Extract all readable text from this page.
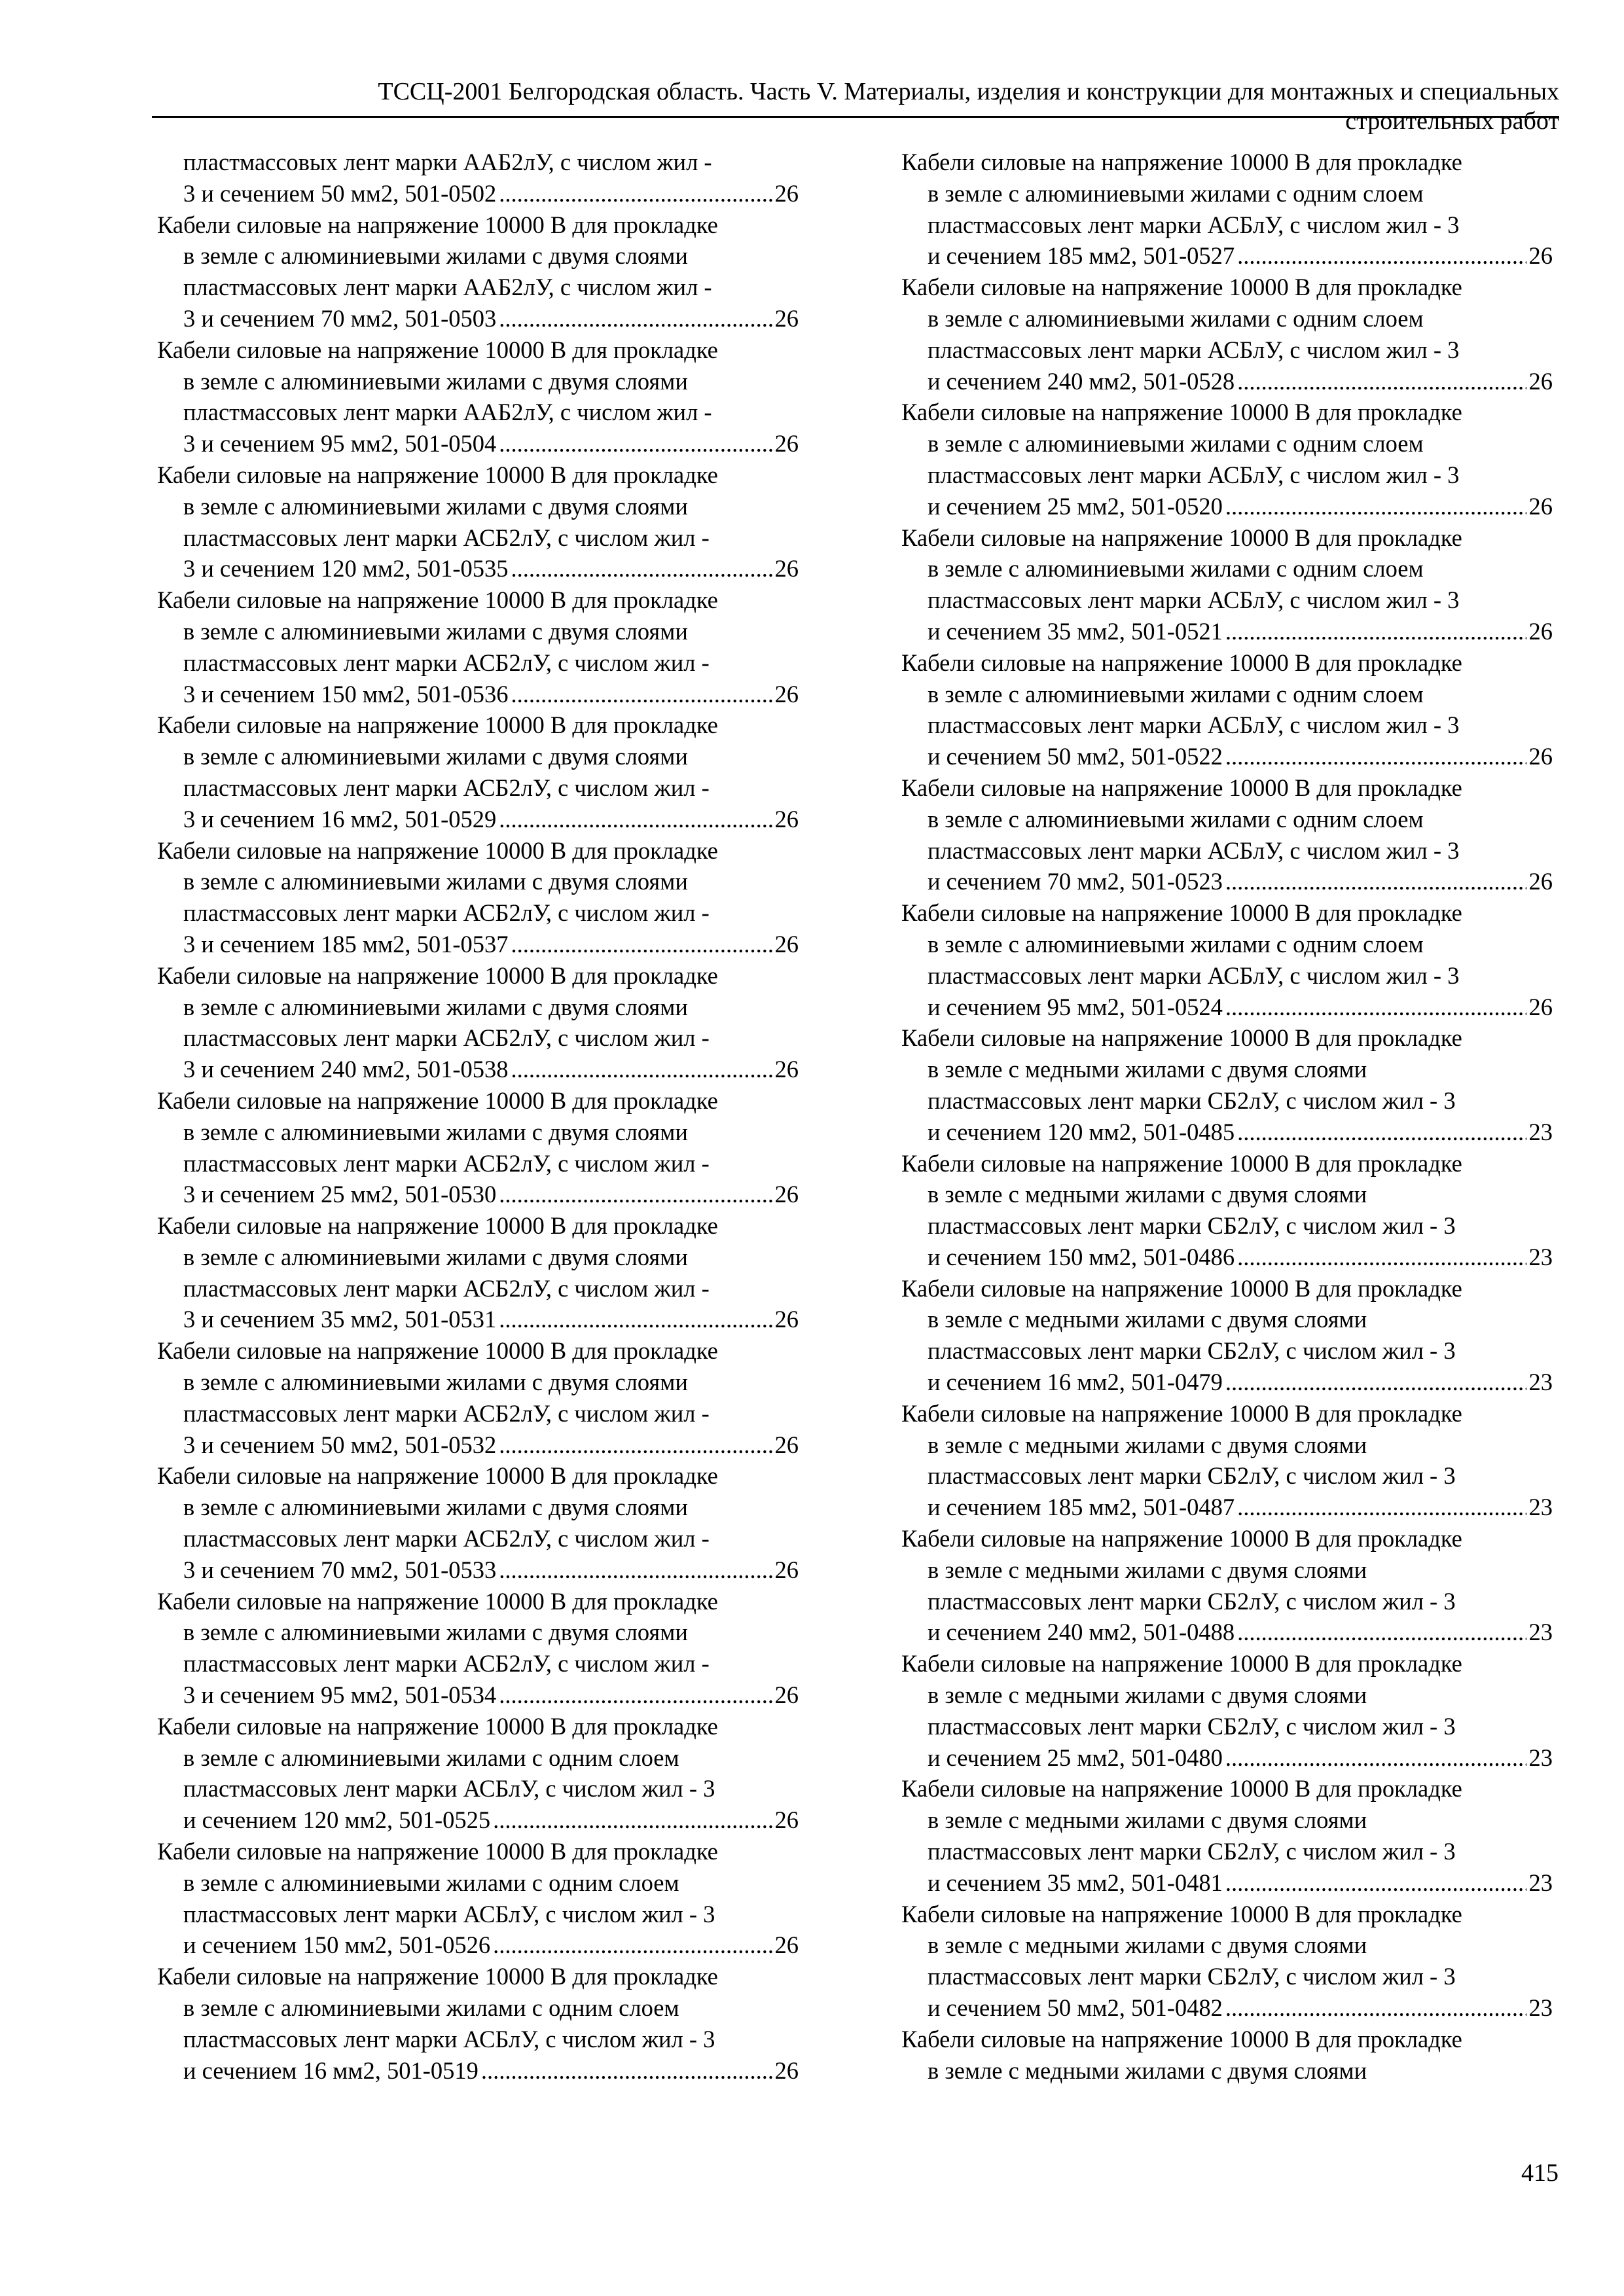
ТССЦ-2001 Белгородская область. Часть V. Материалы, изделия и конструкции для монтажных и специальных
строительных работ
пластмассовых лент марки ААБ2лУ, с числом жил -
3 и сечением 50 мм2, 501-0502 .....	26
Кабели силовые на напряжение 10000 В для прокладке
в земле с алюминиевыми жилами с двумя слоями
пластмассовых лент марки ААБ2лУ, с числом жил -
3 и сечением 70 мм2, 501-0503 .....	26
Кабели силовые на напряжение 10000 В для прокладке
в земле с алюминиевыми жилами с двумя слоями
пластмассовых лент марки ААБ2лУ, с числом жил -
3 и сечением 95 мм2, 501-0504 .....	26
Кабели силовые на напряжение 10000 В для прокладке
в земле с алюминиевыми жилами с двумя слоями
пластмассовых лент марки АСБ2лУ, с числом жил -
3 и сечением 120 мм2, 501-0535 .....	26
Кабели силовые на напряжение 10000 В для прокладке
в земле с алюминиевыми жилами с двумя слоями
пластмассовых лент марки АСБ2лУ, с числом жил -
3 и сечением 150 мм2, 501-0536 .....	26
Кабели силовые на напряжение 10000 В для прокладке
в земле с алюминиевыми жилами с двумя слоями
пластмассовых лент марки АСБ2лУ, с числом жил -
3 и сечением 16 мм2, 501-0529 .....	26
Кабели силовые на напряжение 10000 В для прокладке
в земле с алюминиевыми жилами с двумя слоями
пластмассовых лент марки АСБ2лУ, с числом жил -
3 и сечением 185 мм2, 501-0537 .....	26
Кабели силовые на напряжение 10000 В для прокладке
в земле с алюминиевыми жилами с двумя слоями
пластмассовых лент марки АСБ2лУ, с числом жил -
3 и сечением 240 мм2, 501-0538 .....	26
Кабели силовые на напряжение 10000 В для прокладке
в земле с алюминиевыми жилами с двумя слоями
пластмассовых лент марки АСБ2лУ, с числом жил -
3 и сечением 25 мм2, 501-0530 .....	26
Кабели силовые на напряжение 10000 В для прокладке
в земле с алюминиевыми жилами с двумя слоями
пластмассовых лент марки АСБ2лУ, с числом жил -
3 и сечением 35 мм2, 501-0531 .....	26
Кабели силовые на напряжение 10000 В для прокладке
в земле с алюминиевыми жилами с двумя слоями
пластмассовых лент марки АСБ2лУ, с числом жил -
3 и сечением 50 мм2, 501-0532 .....	26
Кабели силовые на напряжение 10000 В для прокладке
в земле с алюминиевыми жилами с двумя слоями
пластмассовых лент марки АСБ2лУ, с числом жил -
3 и сечением 70 мм2, 501-0533 .....	26
Кабели силовые на напряжение 10000 В для прокладке
в земле с алюминиевыми жилами с двумя слоями
пластмассовых лент марки АСБ2лУ, с числом жил -
3 и сечением 95 мм2, 501-0534 .....	26
Кабели силовые на напряжение 10000 В для прокладке
в земле с алюминиевыми жилами с одним слоем
пластмассовых лент марки АСБлУ, с числом жил - 3
и сечением 120 мм2, 501-0525 .....	26
Кабели силовые на напряжение 10000 В для прокладке
в земле с алюминиевыми жилами с одним слоем
пластмассовых лент марки АСБлУ, с числом жил - 3
и сечением 150 мм2, 501-0526 .....	26
Кабели силовые на напряжение 10000 В для прокладке
в земле с алюминиевыми жилами с одним слоем
пластмассовых лент марки АСБлУ, с числом жил - 3
и сечением 16 мм2, 501-0519 .....	26
Кабели силовые на напряжение 10000 В для прокладке
в земле с алюминиевыми жилами с одним слоем
пластмассовых лент марки АСБлУ, с числом жил - 3
и сечением 185 мм2, 501-0527 .....	26
Кабели силовые на напряжение 10000 В для прокладке
в земле с алюминиевыми жилами с одним слоем
пластмассовых лент марки АСБлУ, с числом жил - 3
и сечением 240 мм2, 501-0528 .....	26
Кабели силовые на напряжение 10000 В для прокладке
в земле с алюминиевыми жилами с одним слоем
пластмассовых лент марки АСБлУ, с числом жил - 3
и сечением 25 мм2, 501-0520 .....	26
Кабели силовые на напряжение 10000 В для прокладке
в земле с алюминиевыми жилами с одним слоем
пластмассовых лент марки АСБлУ, с числом жил - 3
и сечением 35 мм2, 501-0521 .....	26
Кабели силовые на напряжение 10000 В для прокладке
в земле с алюминиевыми жилами с одним слоем
пластмассовых лент марки АСБлУ, с числом жил - 3
и сечением 50 мм2, 501-0522 .....	26
Кабели силовые на напряжение 10000 В для прокладке
в земле с алюминиевыми жилами с одним слоем
пластмассовых лент марки АСБлУ, с числом жил - 3
и сечением 70 мм2, 501-0523 .....	26
Кабели силовые на напряжение 10000 В для прокладке
в земле с алюминиевыми жилами с одним слоем
пластмассовых лент марки АСБлУ, с числом жил - 3
и сечением 95 мм2, 501-0524 .....	26
Кабели силовые на напряжение 10000 В для прокладке
в земле с медными жилами с двумя слоями
пластмассовых лент марки СБ2лУ, с числом жил - 3
и сечением 120 мм2, 501-0485 .....	23
Кабели силовые на напряжение 10000 В для прокладке
в земле с медными жилами с двумя слоями
пластмассовых лент марки СБ2лУ, с числом жил - 3
и сечением 150 мм2, 501-0486 .....	23
Кабели силовые на напряжение 10000 В для прокладке
в земле с медными жилами с двумя слоями
пластмассовых лент марки СБ2лУ, с числом жил - 3
и сечением 16 мм2, 501-0479 .....	23
Кабели силовые на напряжение 10000 В для прокладке
в земле с медными жилами с двумя слоями
пластмассовых лент марки СБ2лУ, с числом жил - 3
и сечением 185 мм2, 501-0487 .....	23
Кабели силовые на напряжение 10000 В для прокладке
в земле с медными жилами с двумя слоями
пластмассовых лент марки СБ2лУ, с числом жил - 3
и сечением 240 мм2, 501-0488 .....	23
Кабели силовые на напряжение 10000 В для прокладке
в земле с медными жилами с двумя слоями
пластмассовых лент марки СБ2лУ, с числом жил - 3
и сечением 25 мм2, 501-0480 .....	23
Кабели силовые на напряжение 10000 В для прокладке
в земле с медными жилами с двумя слоями
пластмассовых лент марки СБ2лУ, с числом жил - 3
и сечением 35 мм2, 501-0481 .....	23
Кабели силовые на напряжение 10000 В для прокладке
в земле с медными жилами с двумя слоями
пластмассовых лент марки СБ2лУ, с числом жил - 3
и сечением 50 мм2, 501-0482 .....	23
Кабели силовые на напряжение 10000 В для прокладке
в земле с медными жилами с двумя слоями
415
